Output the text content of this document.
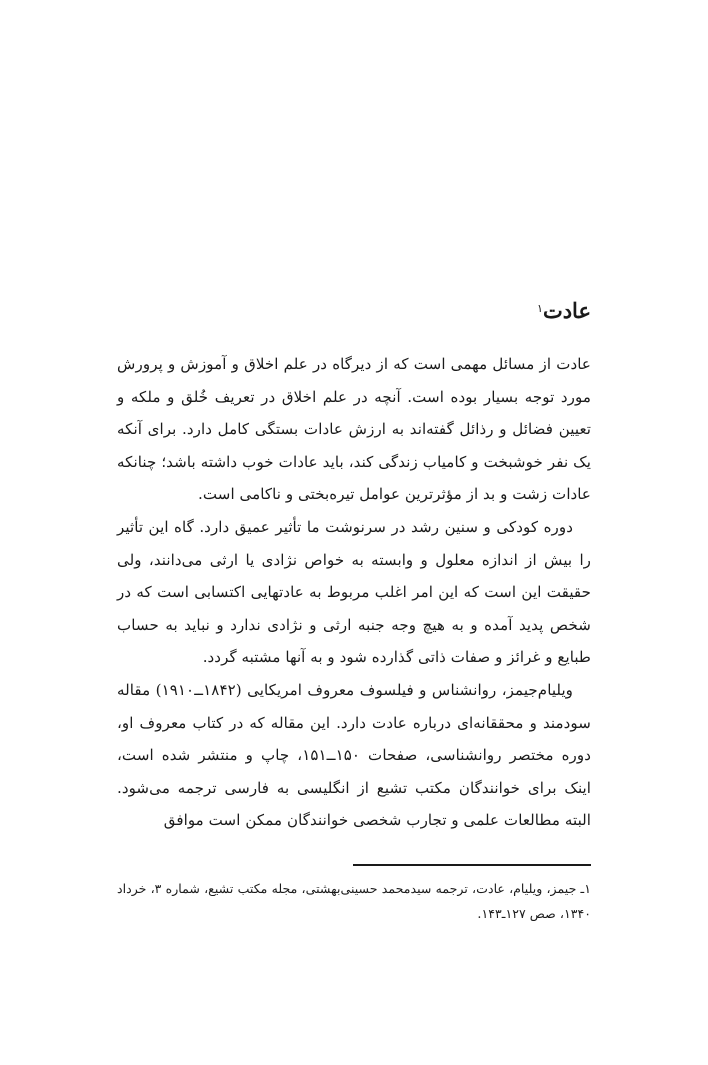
عادت$^۱$

عادت از مسائل مهمی است که از دیرگاه در علم اخلاق و آموزش و پرورش مورد توجه بسیار بوده است. آنچه در علم اخلاق در تعریف خُلق و ملکه و تعیین فضائل و رذائل گفته‌اند به ارزش عادات بستگی کامل دارد. برای آنکه یک نفر خوشبخت و کامیاب زندگی کند، باید عادات خوب داشته باشد؛ چنانکه عادات زشت و بد از مؤثرترین عوامل تیره‌بختی و ناکامی است.

دوره کودکی و سنین رشد در سرنوشت ما تأثیر عمیق دارد. گاه این تأثیر را بیش از اندازه معلول و وابسته به خواص نژادی یا ارثی می‌دانند، ولی حقیقت این است که این امر اغلب مربوط به عادتهایی اکتسابی است که در شخص پدید آمده و به هیچ وجه جنبه ارثی و نژادی ندارد و نباید به حساب طبایع و غرائز و صفات ذاتی گذارده شود و به آنها مشتبه گردد.

ویلیام‌جیمز، روانشناس و فیلسوف معروف امریکایی (۱۸۴۲ــ۱۹۱۰) مقاله سودمند و محققانه‌ای درباره عادت دارد. این مقاله که در کتاب معروف او، دوره مختصر روانشناسی، صفحات ۱۵۰ــ۱۵۱، چاپ و منتشر شده است، اینک برای خوانندگان مکتب تشیع از انگلیسی به فارسی ترجمه می‌شود. البته مطالعات علمی و تجارب شخصی خوانندگان ممکن است موافق

۱ـ جیمز، ویلیام، عادت، ترجمه سیدمحمد حسینی‌بهشتی، مجله مکتب تشیع، شماره ۳، خرداد ۱۳۴۰، صص ۱۲۷ـ۱۴۳.
